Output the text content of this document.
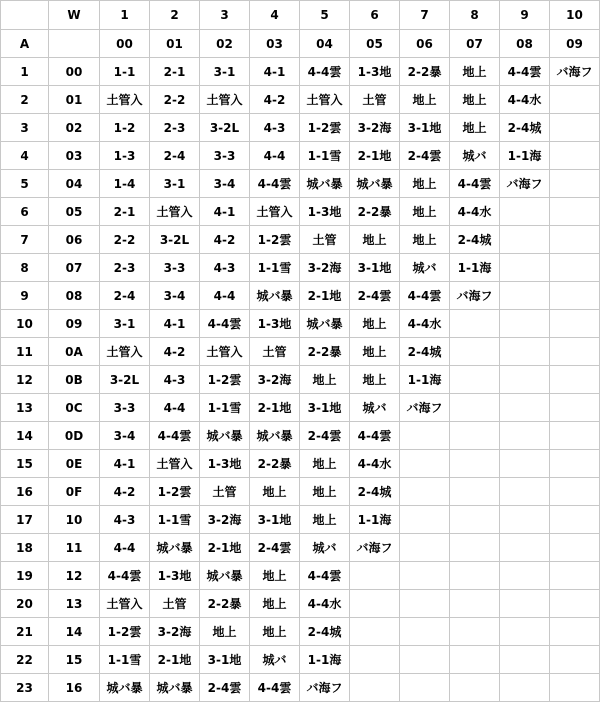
	W	1	2	3	4	5	6	7	8	9	10
A		00	01	02	03	04	05	06	07	08	09
1	00	1-1	2-1	3-1	4-1	4-4雲	1-3地	2-2暴	地上	4-4雲	バ海フ
2	01	土管入	2-2	土管入	4-2	土管入	土管	地上	地上	4-4水	
3	02	1-2	2-3	3-2L	4-3	1-2雲	3-2海	3-1地	地上	2-4城	
4	03	1-3	2-4	3-3	4-4	1-1雪	2-1地	2-4雲	城バ	1-1海	
5	04	1-4	3-1	3-4	4-4雲	城バ暴	城バ暴	地上	4-4雲	バ海フ	
6	05	2-1	土管入	4-1	土管入	1-3地	2-2暴	地上	4-4水		
7	06	2-2	3-2L	4-2	1-2雲	土管	地上	地上	2-4城		
8	07	2-3	3-3	4-3	1-1雪	3-2海	3-1地	城バ	1-1海		
9	08	2-4	3-4	4-4	城バ暴	2-1地	2-4雲	4-4雲	バ海フ		
10	09	3-1	4-1	4-4雲	1-3地	城バ暴	地上	4-4水			
11	0A	土管入	4-2	土管入	土管	2-2暴	地上	2-4城			
12	0B	3-2L	4-3	1-2雲	3-2海	地上	地上	1-1海			
13	0C	3-3	4-4	1-1雪	2-1地	3-1地	城バ	バ海フ			
14	0D	3-4	4-4雲	城バ暴	城バ暴	2-4雲	4-4雲				
15	0E	4-1	土管入	1-3地	2-2暴	地上	4-4水				
16	0F	4-2	1-2雲	土管	地上	地上	2-4城				
17	10	4-3	1-1雪	3-2海	3-1地	地上	1-1海				
18	11	4-4	城バ暴	2-1地	2-4雲	城バ	バ海フ				
19	12	4-4雲	1-3地	城バ暴	地上	4-4雲					
20	13	土管入	土管	2-2暴	地上	4-4水					
21	14	1-2雲	3-2海	地上	地上	2-4城					
22	15	1-1雪	2-1地	3-1地	城バ	1-1海					
23	16	城バ暴	城バ暴	2-4雲	4-4雲	バ海フ					
